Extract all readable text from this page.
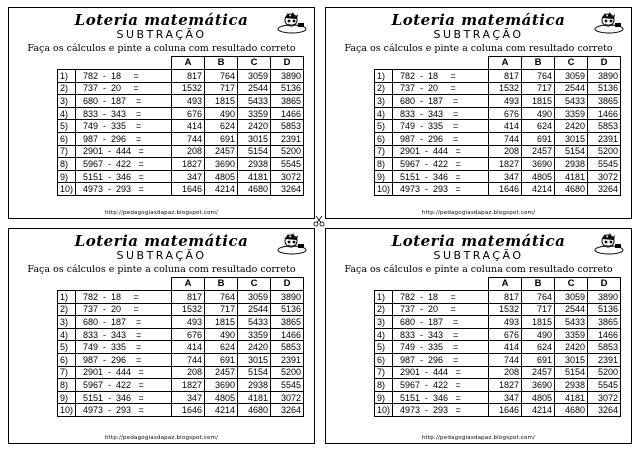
Loteria matemática
SUBTRAÇÃO
Faça os cálculos e pinte a coluna com resultado correto
		A	B	C	D
1)	782  -  18     =	817	764	3059	3890
2)	737  -  20     =	1532	717	2544	5136
3)	680  -  187    =	493	1815	5433	3865
4)	833  -  343    =	676	490	3359	1466
5)	749  -  335    =	414	624	2420	5853
6)	987  -  296    =	744	691	3015	2391
7)	2901  -  444   =	208	2457	5154	5200
8)	5967  -  422   =	1827	3690	2938	5545
9)	5151  -  346   =	347	4805	4181	3072
10)	4973  -  293   =	1646	4214	4680	3264
http://pedagogiasdapaz.blogspot.com/
Loteria matemática
SUBTRAÇÃO
Faça os cálculos e pinte a coluna com resultado correto
		A	B	C	D
1)	782  -  18     =	817	764	3059	3890
2)	737  -  20     =	1532	717	2544	5136
3)	680  -  187    =	493	1815	5433	3865
4)	833  -  343    =	676	490	3359	1466
5)	749  -  335    =	414	624	2420	5853
6)	987  -  296    =	744	691	3015	2391
7)	2901  -  444   =	208	2457	5154	5200
8)	5967  -  422   =	1827	3690	2938	5545
9)	5151  -  346   =	347	4805	4181	3072
10)	4973  -  293   =	1646	4214	4680	3264
http://pedagogiasdapaz.blogspot.com/
Loteria matemática
SUBTRAÇÃO
Faça os cálculos e pinte a coluna com resultado correto
		A	B	C	D
1)	782  -  18     =	817	764	3059	3890
2)	737  -  20     =	1532	717	2544	5136
3)	680  -  187    =	493	1815	5433	3865
4)	833  -  343    =	676	490	3359	1466
5)	749  -  335    =	414	624	2420	5853
6)	987  -  296    =	744	691	3015	2391
7)	2901  -  444   =	208	2457	5154	5200
8)	5967  -  422   =	1827	3690	2938	5545
9)	5151  -  346   =	347	4805	4181	3072
10)	4973  -  293   =	1646	4214	4680	3264
http://pedagogiasdapaz.blogspot.com/
Loteria matemática
SUBTRAÇÃO
Faça os cálculos e pinte a coluna com resultado correto
		A	B	C	D
1)	782  -  18     =	817	764	3059	3890
2)	737  -  20     =	1532	717	2544	5136
3)	680  -  187    =	493	1815	5433	3865
4)	833  -  343    =	676	490	3359	1466
5)	749  -  335    =	414	624	2420	5853
6)	987  -  296    =	744	691	3015	2391
7)	2901  -  444   =	208	2457	5154	5200
8)	5967  -  422   =	1827	3690	2938	5545
9)	5151  -  346   =	347	4805	4181	3072
10)	4973  -  293   =	1646	4214	4680	3264
http://pedagogiasdapaz.blogspot.com/
